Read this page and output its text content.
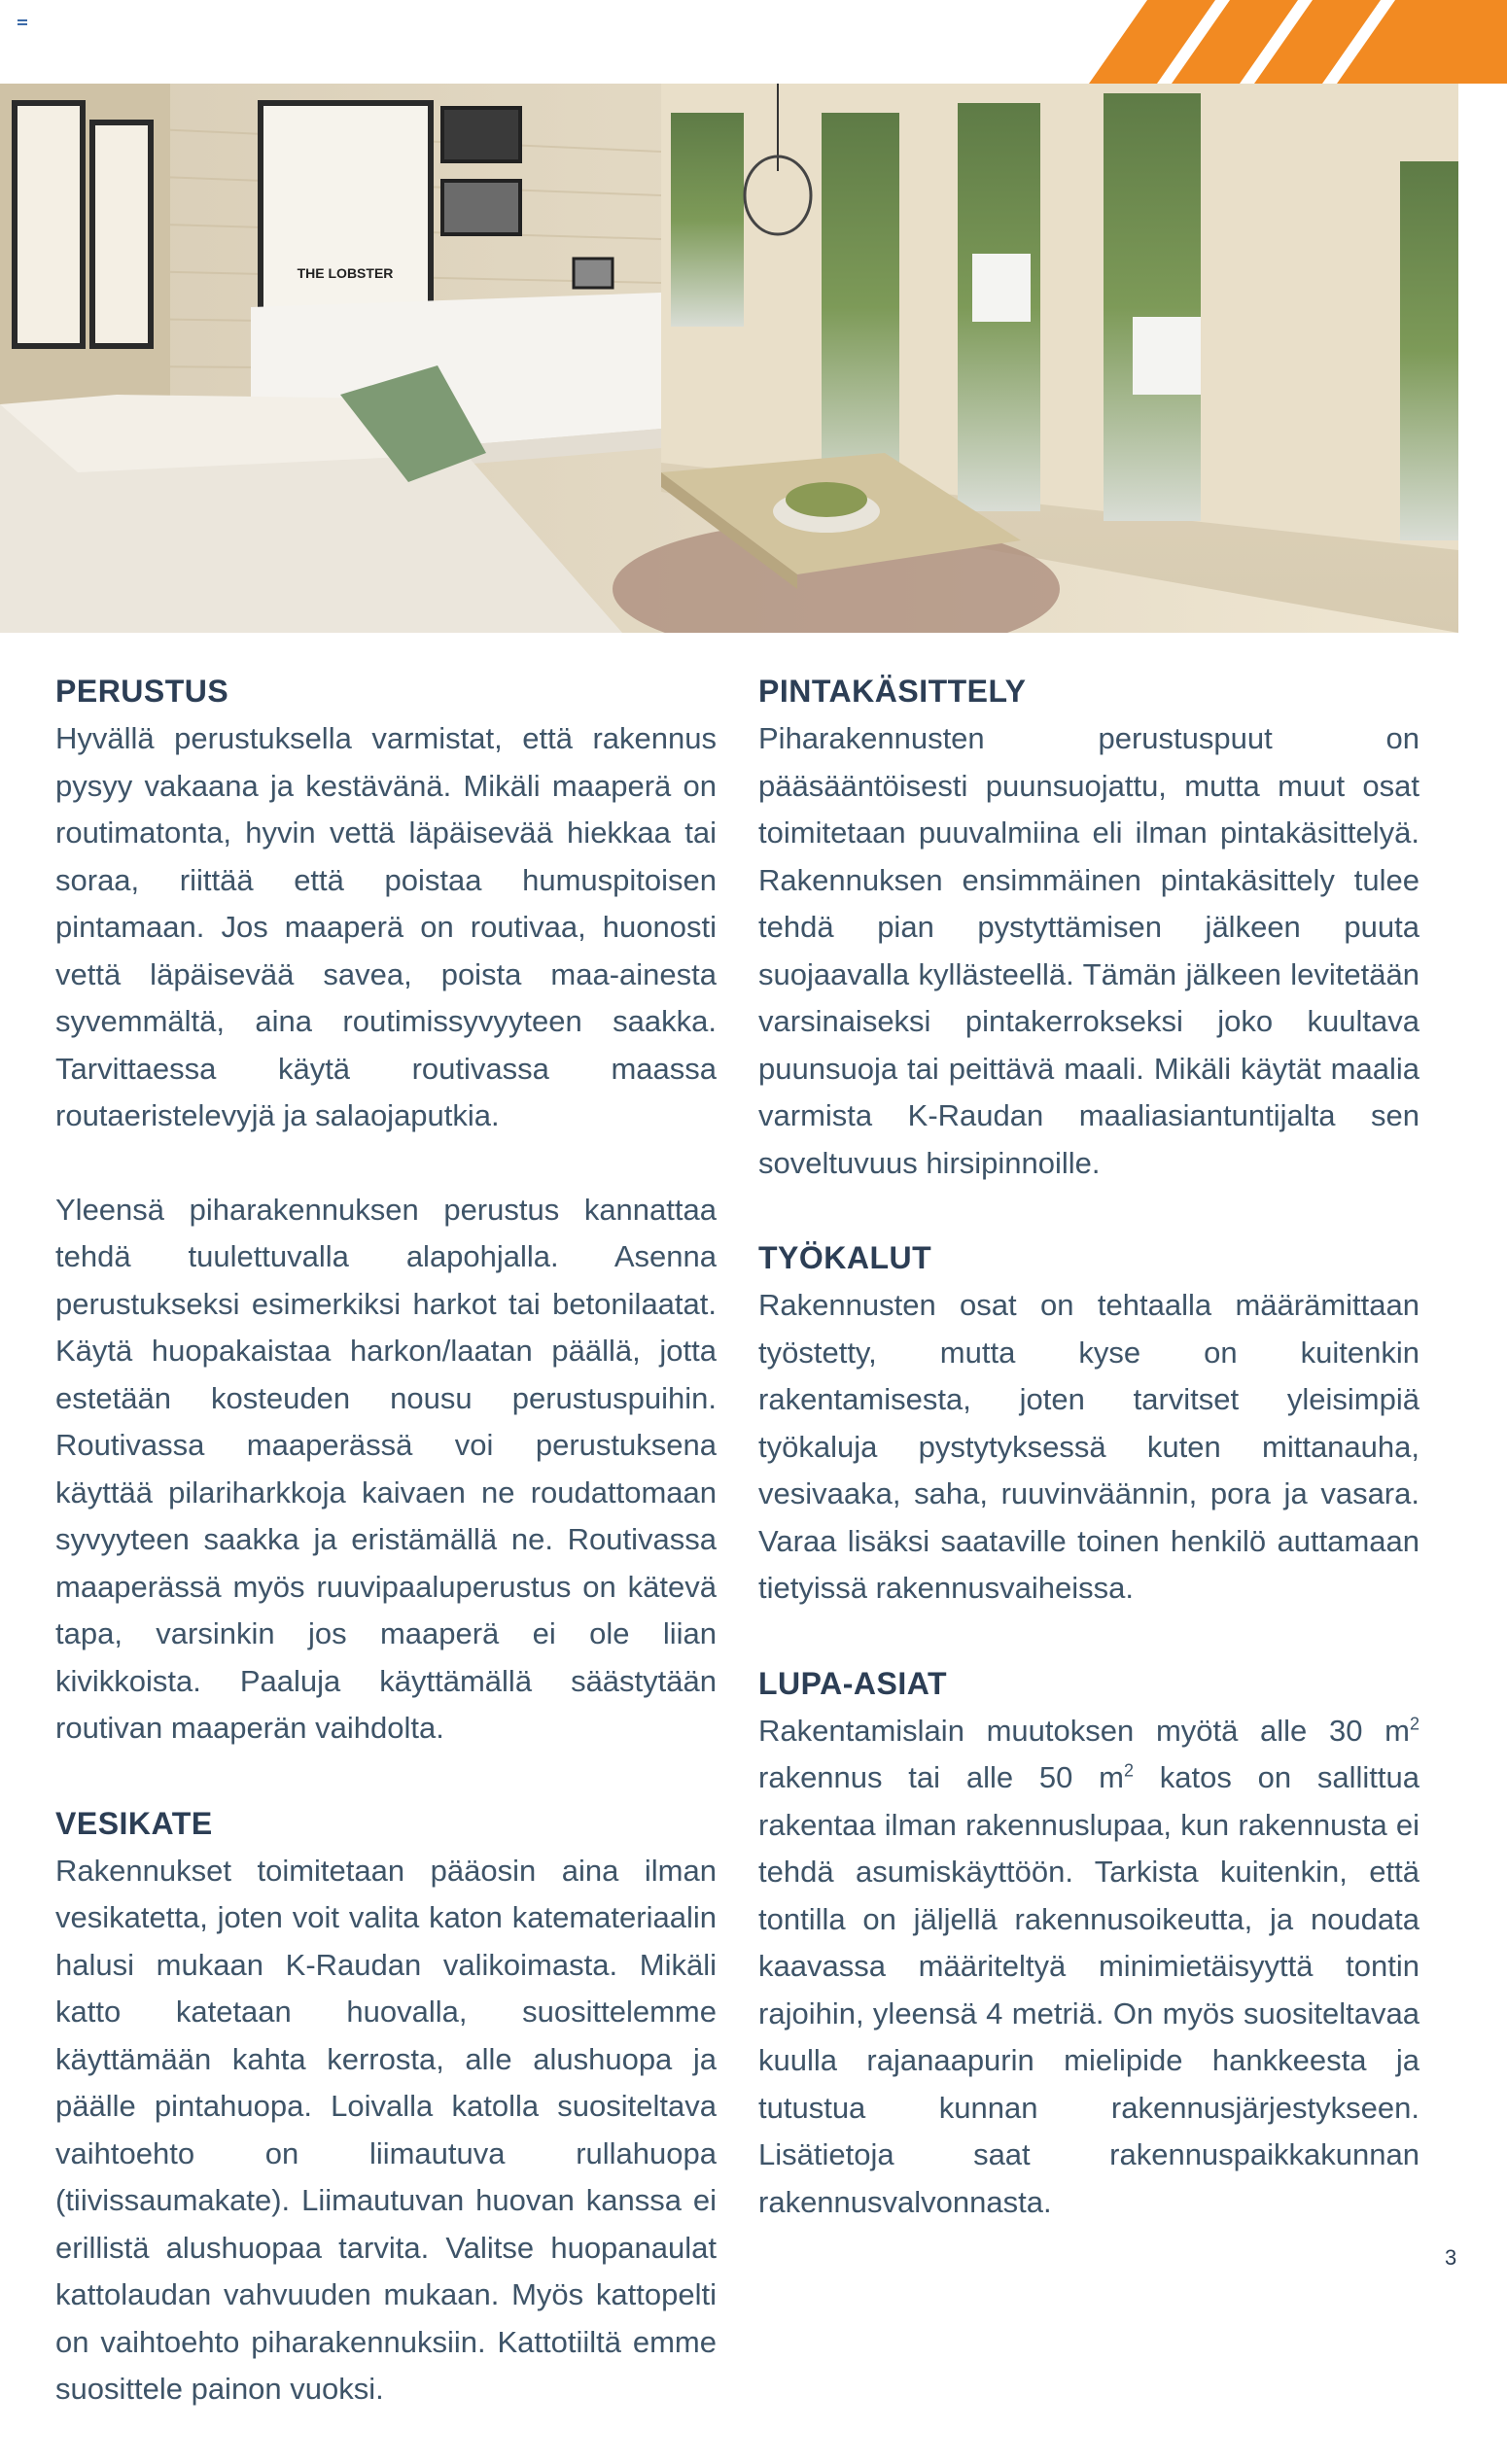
THE LOBSTER
PERUSTUS

Hyvällä perustuksella varmistat, että rakennus pysyy vakaana ja kestävänä. Mikäli maaperä on routimatonta, hyvin vettä läpäisevää hiekkaa tai soraa, riittää että poistaa humuspitoisen pintamaan. Jos maaperä on routivaa, huonosti vettä läpäisevää savea, poista maa-ainesta syvemmältä, aina routimissyvyyteen saakka. Tarvittaessa käytä routivassa maassa routaeristelevyjä ja salaojaputkia.

Yleensä piharakennuksen perustus kannattaa tehdä tuulettuvalla alapohjalla. Asenna perustukseksi esimerkiksi harkot tai betonilaatat. Käytä huopakaistaa harkon/laatan päällä, jotta estetään kosteuden nousu perustuspuihin. Routivassa maaperässä voi perustuksena käyttää pilariharkkoja kaivaen ne roudattomaan syvyyteen saakka ja eristämällä ne. Routivassa maaperässä myös ruuvipaaluperustus on kätevä tapa, varsinkin jos maaperä ei ole liian kivikkoista. Paaluja käyttämällä säästytään routivan maaperän vaihdolta.

VESIKATE

Rakennukset toimitetaan pääosin aina ilman vesikatetta, joten voit valita katon katemateriaalin halusi mukaan K-Raudan valikoimasta. Mikäli katto katetaan huovalla, suosittelemme käyttämään kahta kerrosta, alle alushuopa ja päälle pintahuopa. Loivalla katolla suositeltava vaihtoehto on liimautuva rullahuopa (tiivissaumakate). Liimautuvan huovan kanssa ei erillistä alushuopaa tarvita. Valitse huopanaulat kattolaudan vahvuuden mukaan. Myös kattopelti on vaihtoehto piharakennuksiin. Kattotiiltä emme suosittele painon vuoksi.

PINTAKÄSITTELY

Piharakennusten perustuspuut on pääsääntöisesti puunsuojattu, mutta muut osat toimitetaan puuvalmiina eli ilman pintakäsittelyä. Rakennuksen ensimmäinen pintakäsittely tulee tehdä pian pystyttämisen jälkeen puuta suojaavalla kyllästeellä. Tämän jälkeen levitetään varsinaiseksi pintakerrokseksi joko kuultava puunsuoja tai peittävä maali. Mikäli käytät maalia varmista K-Raudan maaliasiantuntijalta sen soveltuvuus hirsipinnoille.

TYÖKALUT

Rakennusten osat on tehtaalla määrämittaan työstetty, mutta kyse on kuitenkin rakentamisesta, joten tarvitset yleisimpiä työkaluja pystytyksessä kuten mittanauha, vesivaaka, saha, ruuvinväännin, pora ja vasara. Varaa lisäksi saataville toinen henkilö auttamaan tietyissä rakennusvaiheissa.

LUPA-ASIAT

Rakentamislain muutoksen myötä alle 30 $m^2$ rakennus tai alle 50 $m^2$ katos on sallittua rakentaa ilman rakennuslupaa, kun rakennusta ei tehdä asumiskäyttöön. Tarkista kuitenkin, että tontilla on jäljellä rakennusoikeutta, ja noudata kaavassa määriteltyä minimietäisyyttä tontin rajoihin, yleensä 4 metriä. On myös suositeltavaa kuulla rajanaapurin mielipide hankkeesta ja tutustua kunnan rakennusjärjestykseen. Lisätietoja saat rakennuspaikkakunnan rakennusvalvonnasta.

3
